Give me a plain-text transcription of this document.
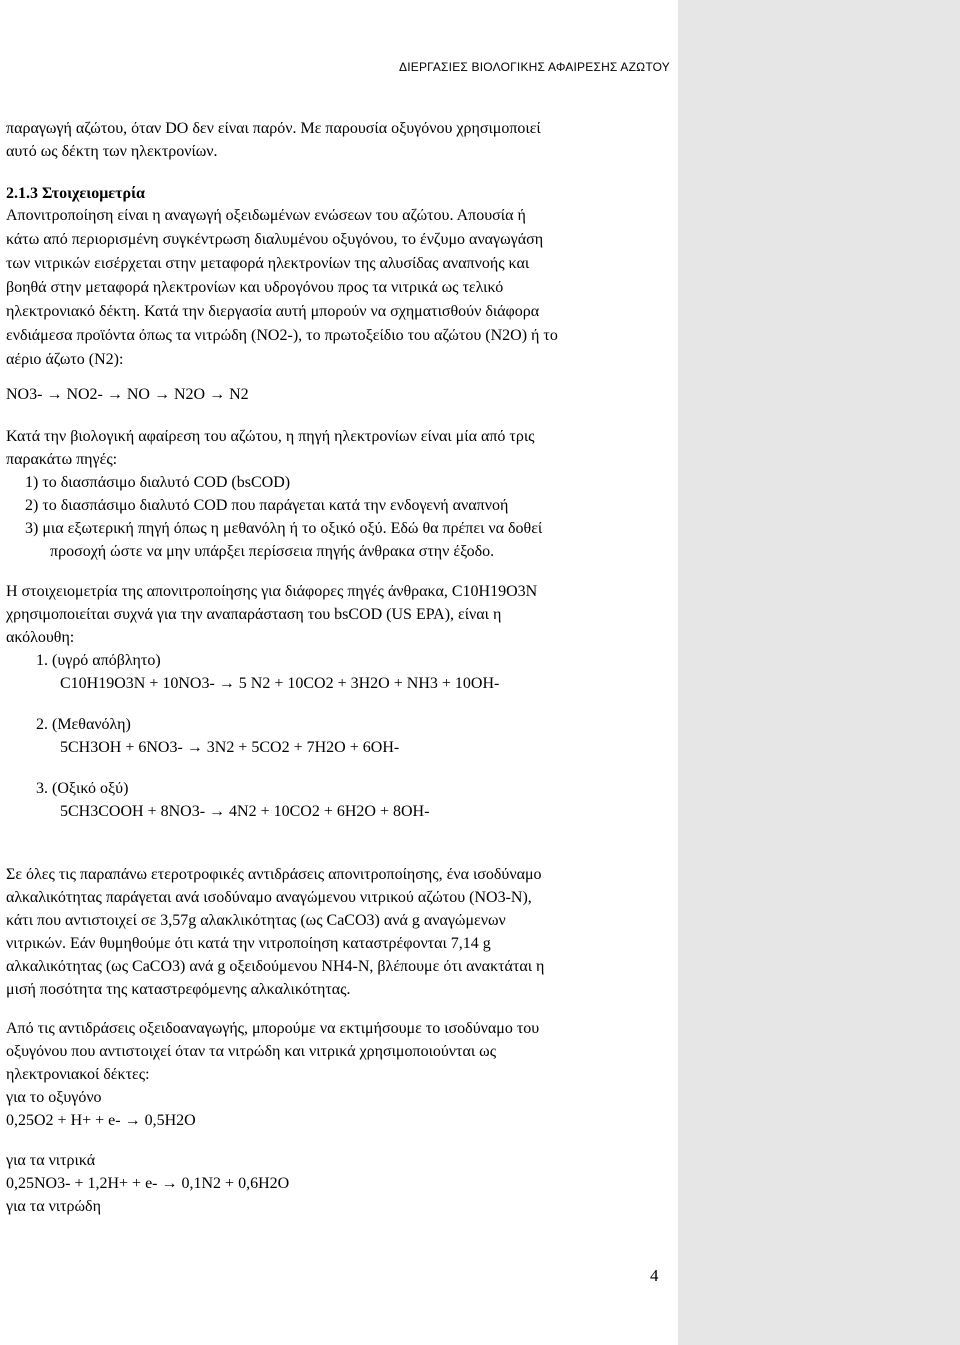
ΔΙΕΡΓΑΣΙΕΣ ΒΙΟΛΟΓΙΚΗΣ ΑΦΑΙΡΕΣΗΣ ΑΖΩΤΟΥ
παραγωγή αζώτου, όταν DO δεν είναι παρόν. Με παρουσία οξυγόνου χρησιμοποιεί
αυτό ως δέκτη των ηλεκτρονίων.
2.1.3 Στοιχειομετρία
Απονιτροποίηση είναι η αναγωγή οξειδωμένων ενώσεων του αζώτου. Απουσία ή
κάτω από περιορισμένη συγκέντρωση διαλυμένου οξυγόνου, το ένζυμο αναγωγάση
των νιτρικών εισέρχεται στην μεταφορά ηλεκτρονίων της αλυσίδας αναπνοής και
βοηθά στην μεταφορά ηλεκτρονίων και υδρογόνου προς τα νιτρικά ως τελικό
ηλεκτρονιακό δέκτη. Κατά την διεργασία αυτή μπορούν να σχηματισθούν διάφορα
ενδιάμεσα προϊόντα όπως τα νιτρώδη (NO2-), το πρωτοξείδιο του αζώτου (N2O) ή το
αέριο άζωτο (N2):
NO3- → NO2- → NO → N2O → N2
Κατά την βιολογική αφαίρεση του αζώτου, η πηγή ηλεκτρονίων είναι μία από τρις
παρακάτω πηγές:
1) το διασπάσιμο διαλυτό COD (bsCOD)
2) το διασπάσιμο διαλυτό COD που παράγεται κατά την ενδογενή αναπνοή
3) μια εξωτερική πηγή όπως η μεθανόλη ή το οξικό οξύ. Εδώ θα πρέπει να δοθεί
προσοχή ώστε να μην υπάρξει περίσσεια πηγής άνθρακα στην έξοδο.
Η στοιχειομετρία της απονιτροποίησης για διάφορες πηγές άνθρακα, C10H19O3N
χρησιμοποιείται συχνά για την αναπαράσταση του bsCOD (US EPA), είναι η
ακόλουθη:
1. (υγρό απόβλητο)
C10H19O3N + 10NO3- → 5 N2 + 10CO2 + 3H2O + NH3 + 10OH-
2. (Μεθανόλη)
5CH3OH + 6NO3- → 3N2 + 5CO2 + 7H2O + 6OH-
3. (Οξικό οξύ)
5CH3COOH + 8NO3- → 4N2 + 10CO2 + 6H2O + 8OH-
Σε όλες τις παραπάνω ετεροτροφικές αντιδράσεις απονιτροποίησης, ένα ισοδύναμο
αλκαλικότητας παράγεται ανά ισοδύναμο αναγώμενου νιτρικού αζώτου (NO3-N),
κάτι που αντιστοιχεί σε 3,57g αλακλικότητας (ως CaCO3) ανά g αναγώμενων
νιτρικών. Εάν θυμηθούμε ότι κατά την νιτροποίηση καταστρέφονται 7,14 g
αλκαλικότητας (ως CaCO3) ανά g οξειδούμενου NH4-N, βλέπουμε ότι ανακτάται η
μισή ποσότητα της καταστρεφόμενης αλκαλικότητας.
Από τις αντιδράσεις οξειδοαναγωγής, μπορούμε να εκτιμήσουμε το ισοδύναμο του
οξυγόνου που αντιστοιχεί όταν τα νιτρώδη και νιτρικά χρησιμοποιούνται ως
ηλεκτρονιακοί δέκτες:
για το οξυγόνο
0,25O2 + H+ + e- → 0,5H2O
για τα νιτρικά
0,25NO3- + 1,2H+ + e- → 0,1N2 + 0,6H2O
για τα νιτρώδη
4
